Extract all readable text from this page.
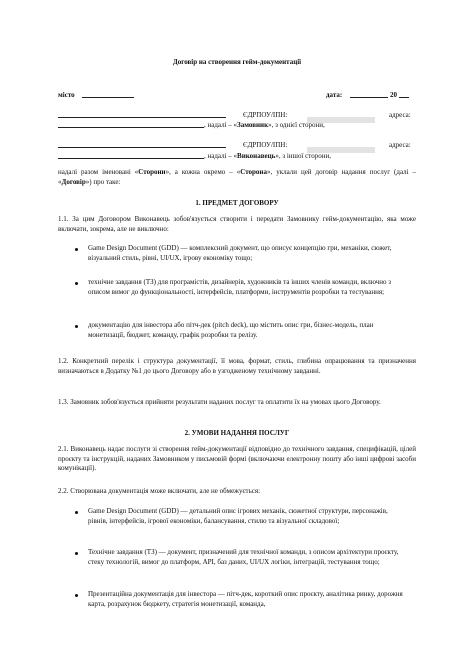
Договір на створення гейм-документації
місто	дата:	20
ЄДРПОУ/ІПН:	адреса:
, надалі – «Замовник», з однієї сторони,
ЄДРПОУ/ІПН:	адреса:
, надалі – «Виконавець», з іншої сторони,
надалі разом іменовані «Сторони», а кожна окремо – «Сторона», уклали цей договір надання послуг (далі – «Договір») про таке:
1. ПРЕДМЕТ ДОГОВОРУ
1.1. За цим Договором Виконавець зобов'язується створити і передати Замовнику гейм-документацію, яка може включати, зокрема, але не виключно:
Game Design Document (GDD) — комплексний документ, що описує концепцію гри, механіки, сюжет, візуальний стиль, рівні, UI/UX, ігрову економіку тощо;
технічне завдання (ТЗ) для програмістів, дизайнерів, художників та інших членів команди, включно з описом вимог до функціональності, інтерфейсів, платформи, інструментів розробки та тестування;
документацію для інвестора або пітч-дек (pitch deck), що містить опис гри, бізнес-модель, план монетизації, бюджет, команду, графік розробки та релізу.
1.2. Конкретний перелік і структура документації, її мова, формат, стиль, глибина опрацювання та призначення визначаються в Додатку №1 до цього Договору або в узгодженому технічному завданні.
1.3. Замовник зобов'язується прийняти результати наданих послуг та оплатити їх на умовах цього Договору.
2. УМОВИ НАДАННЯ ПОСЛУГ
2.1. Виконавець надає послуги зі створення гейм-документації відповідно до технічного завдання, специфікацій, цілей проєкту та інструкцій, наданих Замовником у письмовій формі (включаючи електронну пошту або інші цифрові засоби комунікації).
2.2. Створювана документація може включати, але не обмежується:
Game Design Document (GDD) — детальний опис ігрових механік, сюжетної структури, персонажів, рівнів, інтерфейсів, ігрової економіки, балансування, стилю та візуальної складової;
Технічне завдання (ТЗ) — документ, призначений для технічної команди, з описом архітектури проєкту, стеку технологій, вимог до платформ, API, баз даних, UI/UX логіки, інтеграцій, тестування тощо;
Презентаційна документація для інвестора — пітч-дек, короткий опис проєкту, аналітика ринку, дорожня карта, розрахунок бюджету, стратегія монетизації, команда,
